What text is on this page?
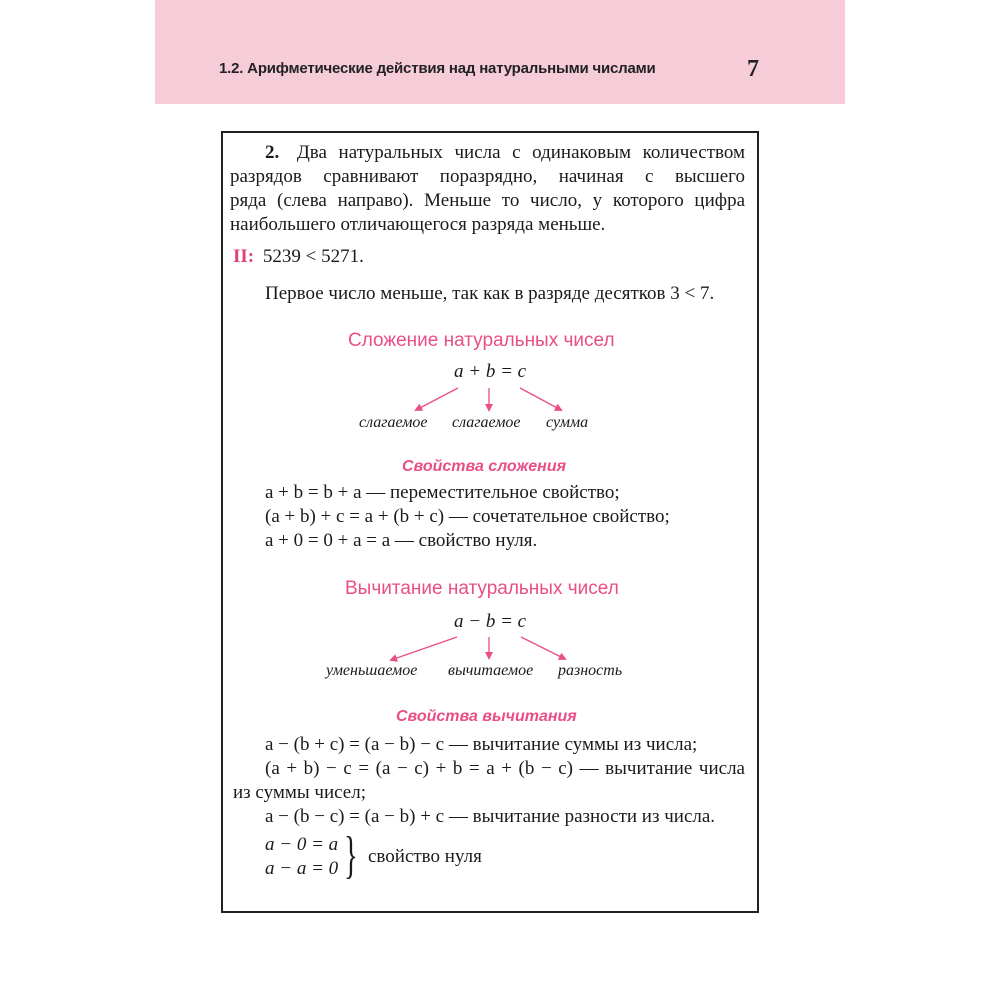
1.2. Арифметические действия над натуральными числами	7
2. Два натуральных числа с одинаковым количеством
разрядов сравнивают поразрядно, начиная с высшего
ряда (слева направо). Меньше то число, у которого цифра
наибольшего отличающегося разряда меньше.
II: 5239 < 5271.
Первое число меньше, так как в разряде десятков 3 < 7.
Сложение натуральных чисел
a + b = c
слагаемое слагаемое сумма
Свойства сложения
a + b = b + a — переместительное свойство;
(a + b) + c = a + (b + c) — сочетательное свойство;
a + 0 = 0 + a = a — свойство нуля.
Вычитание натуральных чисел
a − b = c
уменьшаемое вычитаемое разность
Свойства вычитания
a − (b + c) = (a − b) − c — вычитание суммы из числа;
(a + b) − c = (a − c) + b = a + (b − c) — вычитание числа
из суммы чисел;
a − (b − c) = (a − b) + c — вычитание разности из числа.
a − 0 = a
a − a = 0 } свойство нуля
